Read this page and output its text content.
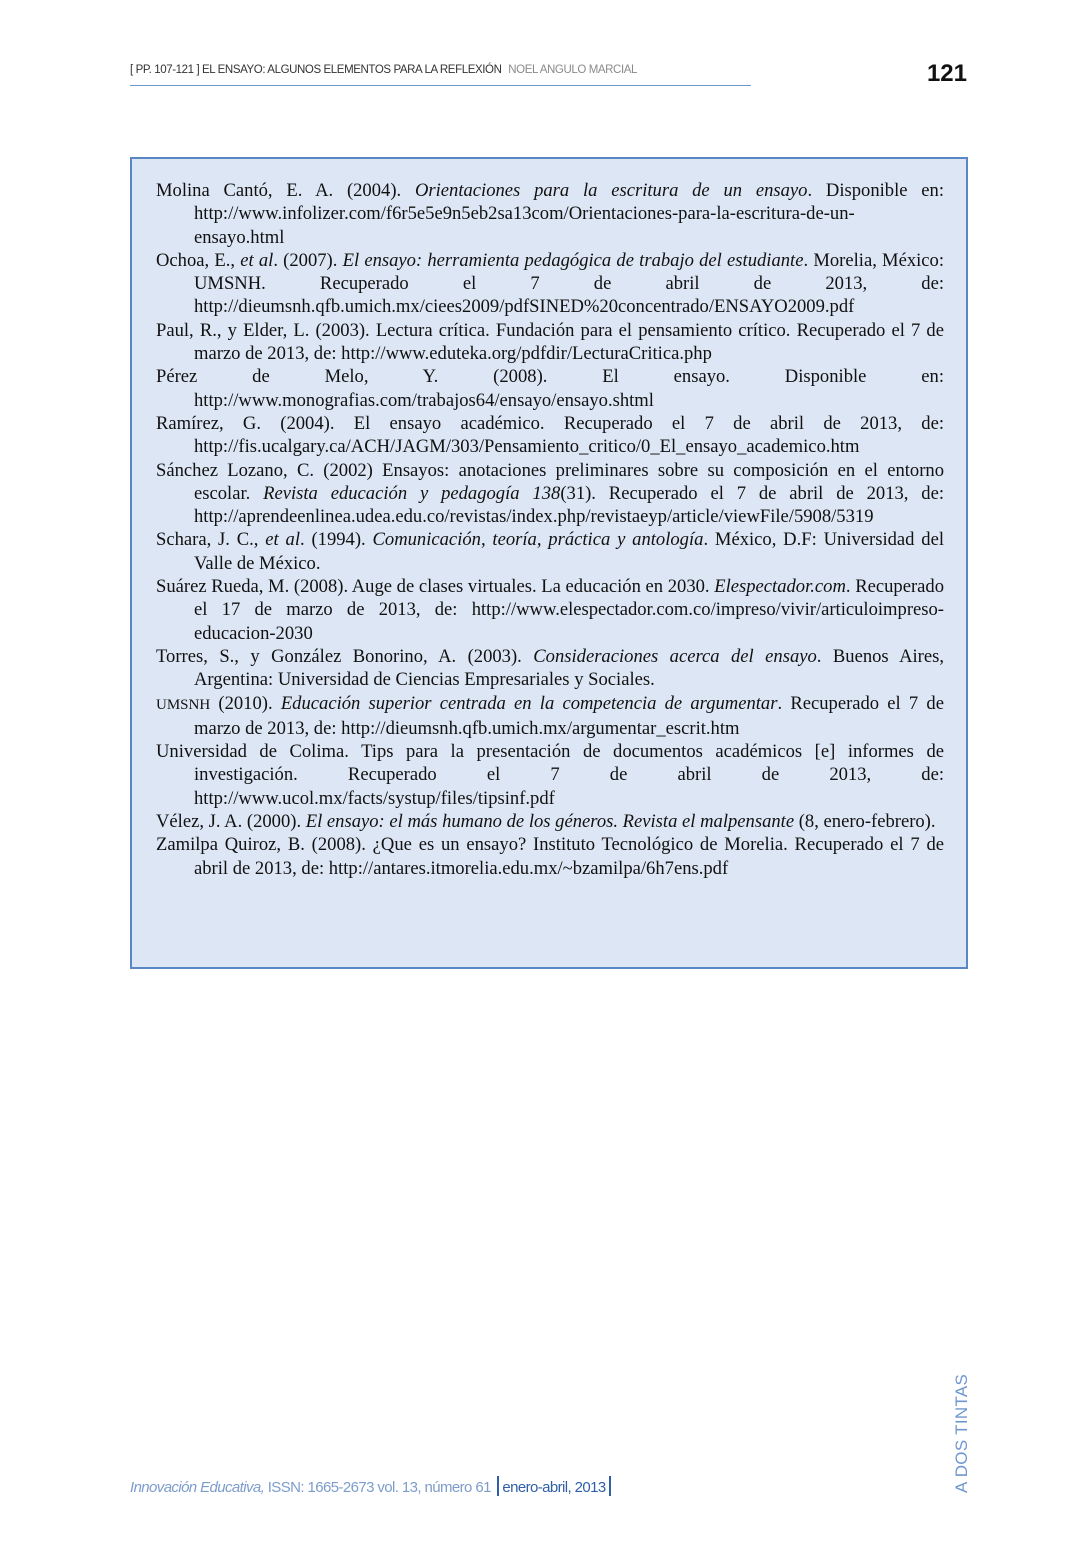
[ PP. 107-121 ] EL ENSAYO: ALGUNOS ELEMENTOS PARA LA REFLEXIÓN NOEL ANGULO MARCIAL	121

Molina Cantó, E. A. (2004). Orientaciones para la escritura de un ensayo. Disponible en: http://www.infolizer.com/f6r5e5e9n5eb2sa13com/Orientaciones-para-la-escritura-de-un-ensayo.html

Ochoa, E., et al. (2007). El ensayo: herramienta pedagógica de trabajo del estudiante. Morelia, México: UMSNH. Recuperado el 7 de abril de 2013, de: http://dieumsnh.qfb.umich.mx/ciees2009/pdfSINED%20concentrado/ENSAYO2009.pdf

Paul, R., y Elder, L. (2003). Lectura crítica. Fundación para el pensamiento crítico. Recuperado el 7 de marzo de 2013, de: http://www.eduteka.org/pdfdir/LecturaCritica.php

Pérez de Melo, Y. (2008). El ensayo. Disponible en: http://www.monografias.com/trabajos64/ensayo/ensayo.shtml

Ramírez, G. (2004). El ensayo académico. Recuperado el 7 de abril de 2013, de: http://fis.ucalgary.ca/ACH/JAGM/303/Pensamiento_critico/0_El_ensayo_academico.htm

Sánchez Lozano, C. (2002) Ensayos: anotaciones preliminares sobre su composición en el entorno escolar. Revista educación y pedagogía 138(31). Recuperado el 7 de abril de 2013, de: http://aprendeenlinea.udea.edu.co/revistas/index.php/revistaeyp/article/viewFile/5908/5319

Schara, J. C., et al. (1994). Comunicación, teoría, práctica y antología. México, D.F: Universidad del Valle de México.

Suárez Rueda, M. (2008). Auge de clases virtuales. La educación en 2030. Elespectador.com. Recuperado el 17 de marzo de 2013, de: http://www.elespectador.com.co/impreso/vivir/articuloimpreso-educacion-2030

Torres, S., y González Bonorino, A. (2003). Consideraciones acerca del ensayo. Buenos Aires, Argentina: Universidad de Ciencias Empresariales y Sociales.

UMSNH (2010). Educación superior centrada en la competencia de argumentar. Recuperado el 7 de marzo de 2013, de: http://dieumsnh.qfb.umich.mx/argumentar_escrit.htm

Universidad de Colima. Tips para la presentación de documentos académicos [e] informes de investigación. Recuperado el 7 de abril de 2013, de: http://www.ucol.mx/facts/systup/files/tipsinf.pdf

Vélez, J. A. (2000). El ensayo: el más humano de los géneros. Revista el malpensante (8, enero-febrero).

Zamilpa Quiroz, B. (2008). ¿Que es un ensayo? Instituto Tecnológico de Morelia. Recuperado el 7 de abril de 2013, de: http://antares.itmorelia.edu.mx/~bzamilpa/6h7ens.pdf

Innovación Educativa, ISSN: 1665-2673 vol. 13, número 61 enero-abril, 2013	A DOS TINTAS
